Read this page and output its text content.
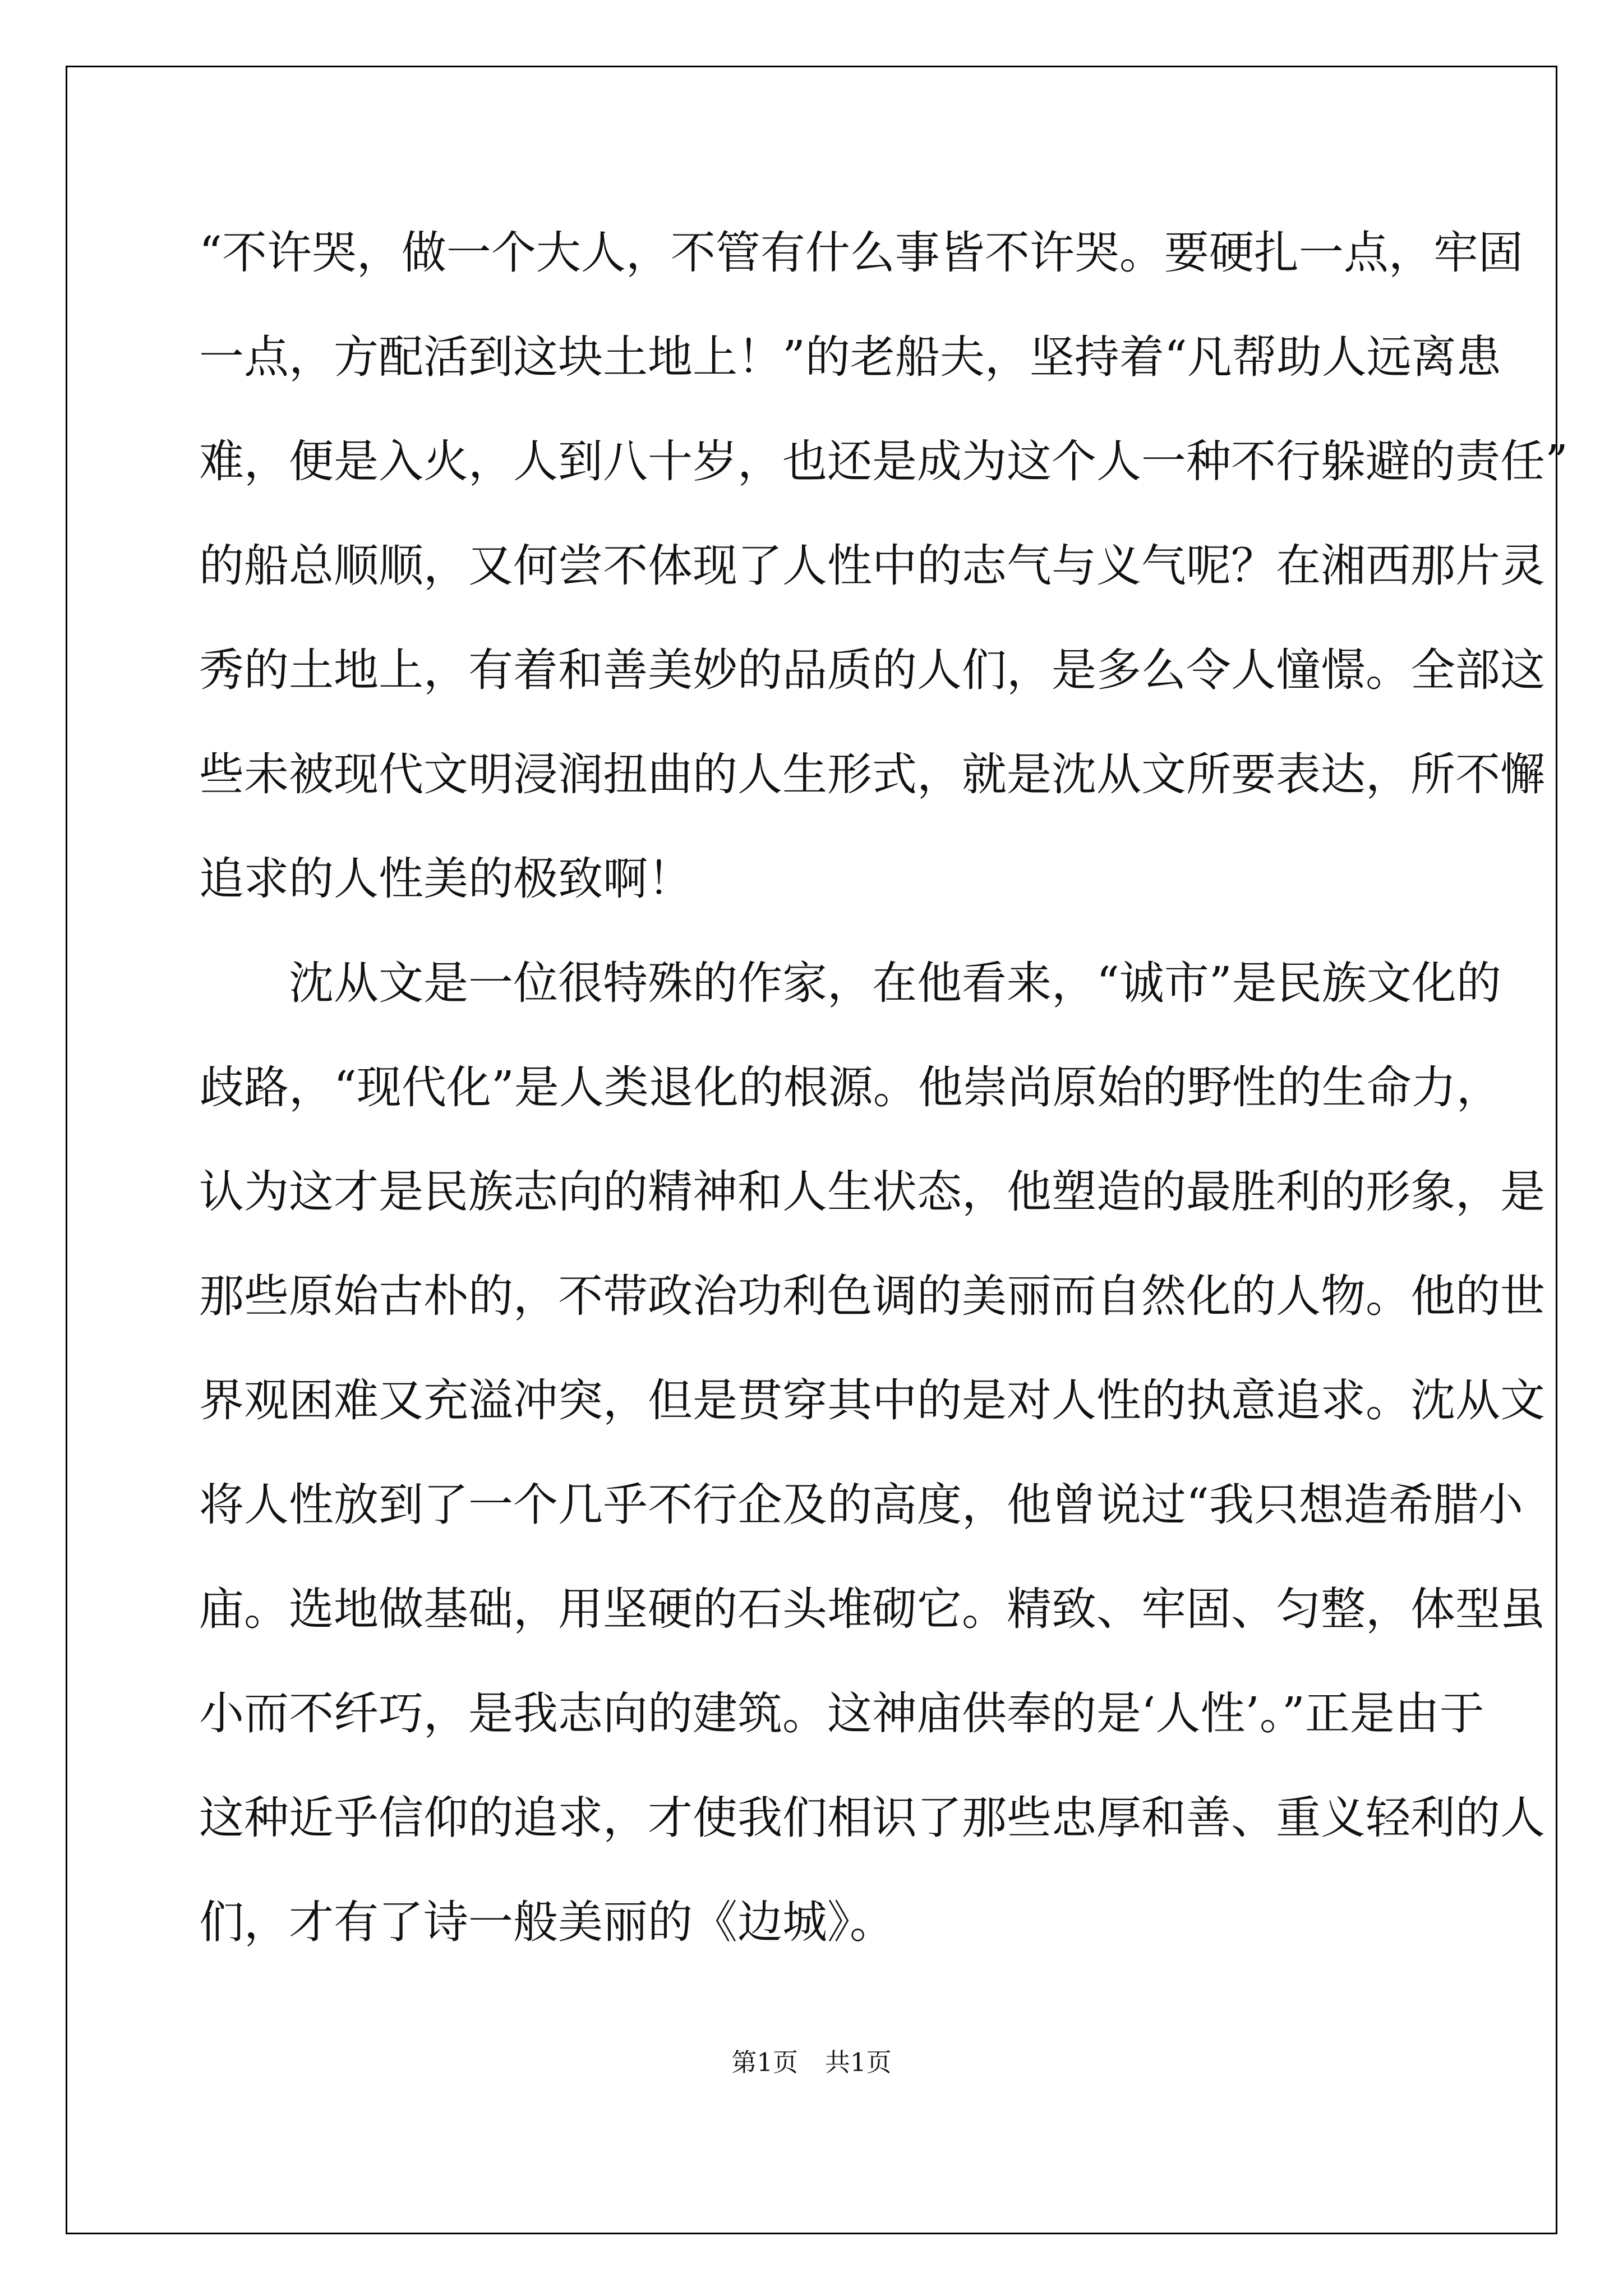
“不许哭，做一个大人，不管有什么事皆不许哭。要硬扎一点，牢固
一点，方配活到这块土地上！”的老船夫，坚持着“凡帮助人远离患
难，便是入火，人到八十岁，也还是成为这个人一种不行躲避的责任”
的船总顺顺，又何尝不体现了人性中的志气与义气呢？在湘西那片灵
秀的土地上，有着和善美妙的品质的人们，是多么令人憧憬。全部这
些未被现代文明浸润扭曲的人生形式，就是沈从文所要表达，所不懈
追求的人性美的极致啊！

　　沈从文是一位很特殊的作家，在他看来，“诚市”是民族文化的
歧路，“现代化”是人类退化的根源。他崇尚原始的野性的生命力，
认为这才是民族志向的精神和人生状态，他塑造的最胜利的形象，是
那些原始古朴的，不带政治功利色调的美丽而自然化的人物。他的世
界观困难又充溢冲突，但是贯穿其中的是对人性的执意追求。沈从文
将人性放到了一个几乎不行企及的高度，他曾说过“我只想造希腊小
庙。选地做基础，用坚硬的石头堆砌它。精致、牢固、匀整，体型虽
小而不纤巧，是我志向的建筑。这神庙供奉的是‘人性’。”正是由于
这种近乎信仰的追求，才使我们相识了那些忠厚和善、重义轻利的人
们，才有了诗一般美丽的《边城》。

第1页 共1页
